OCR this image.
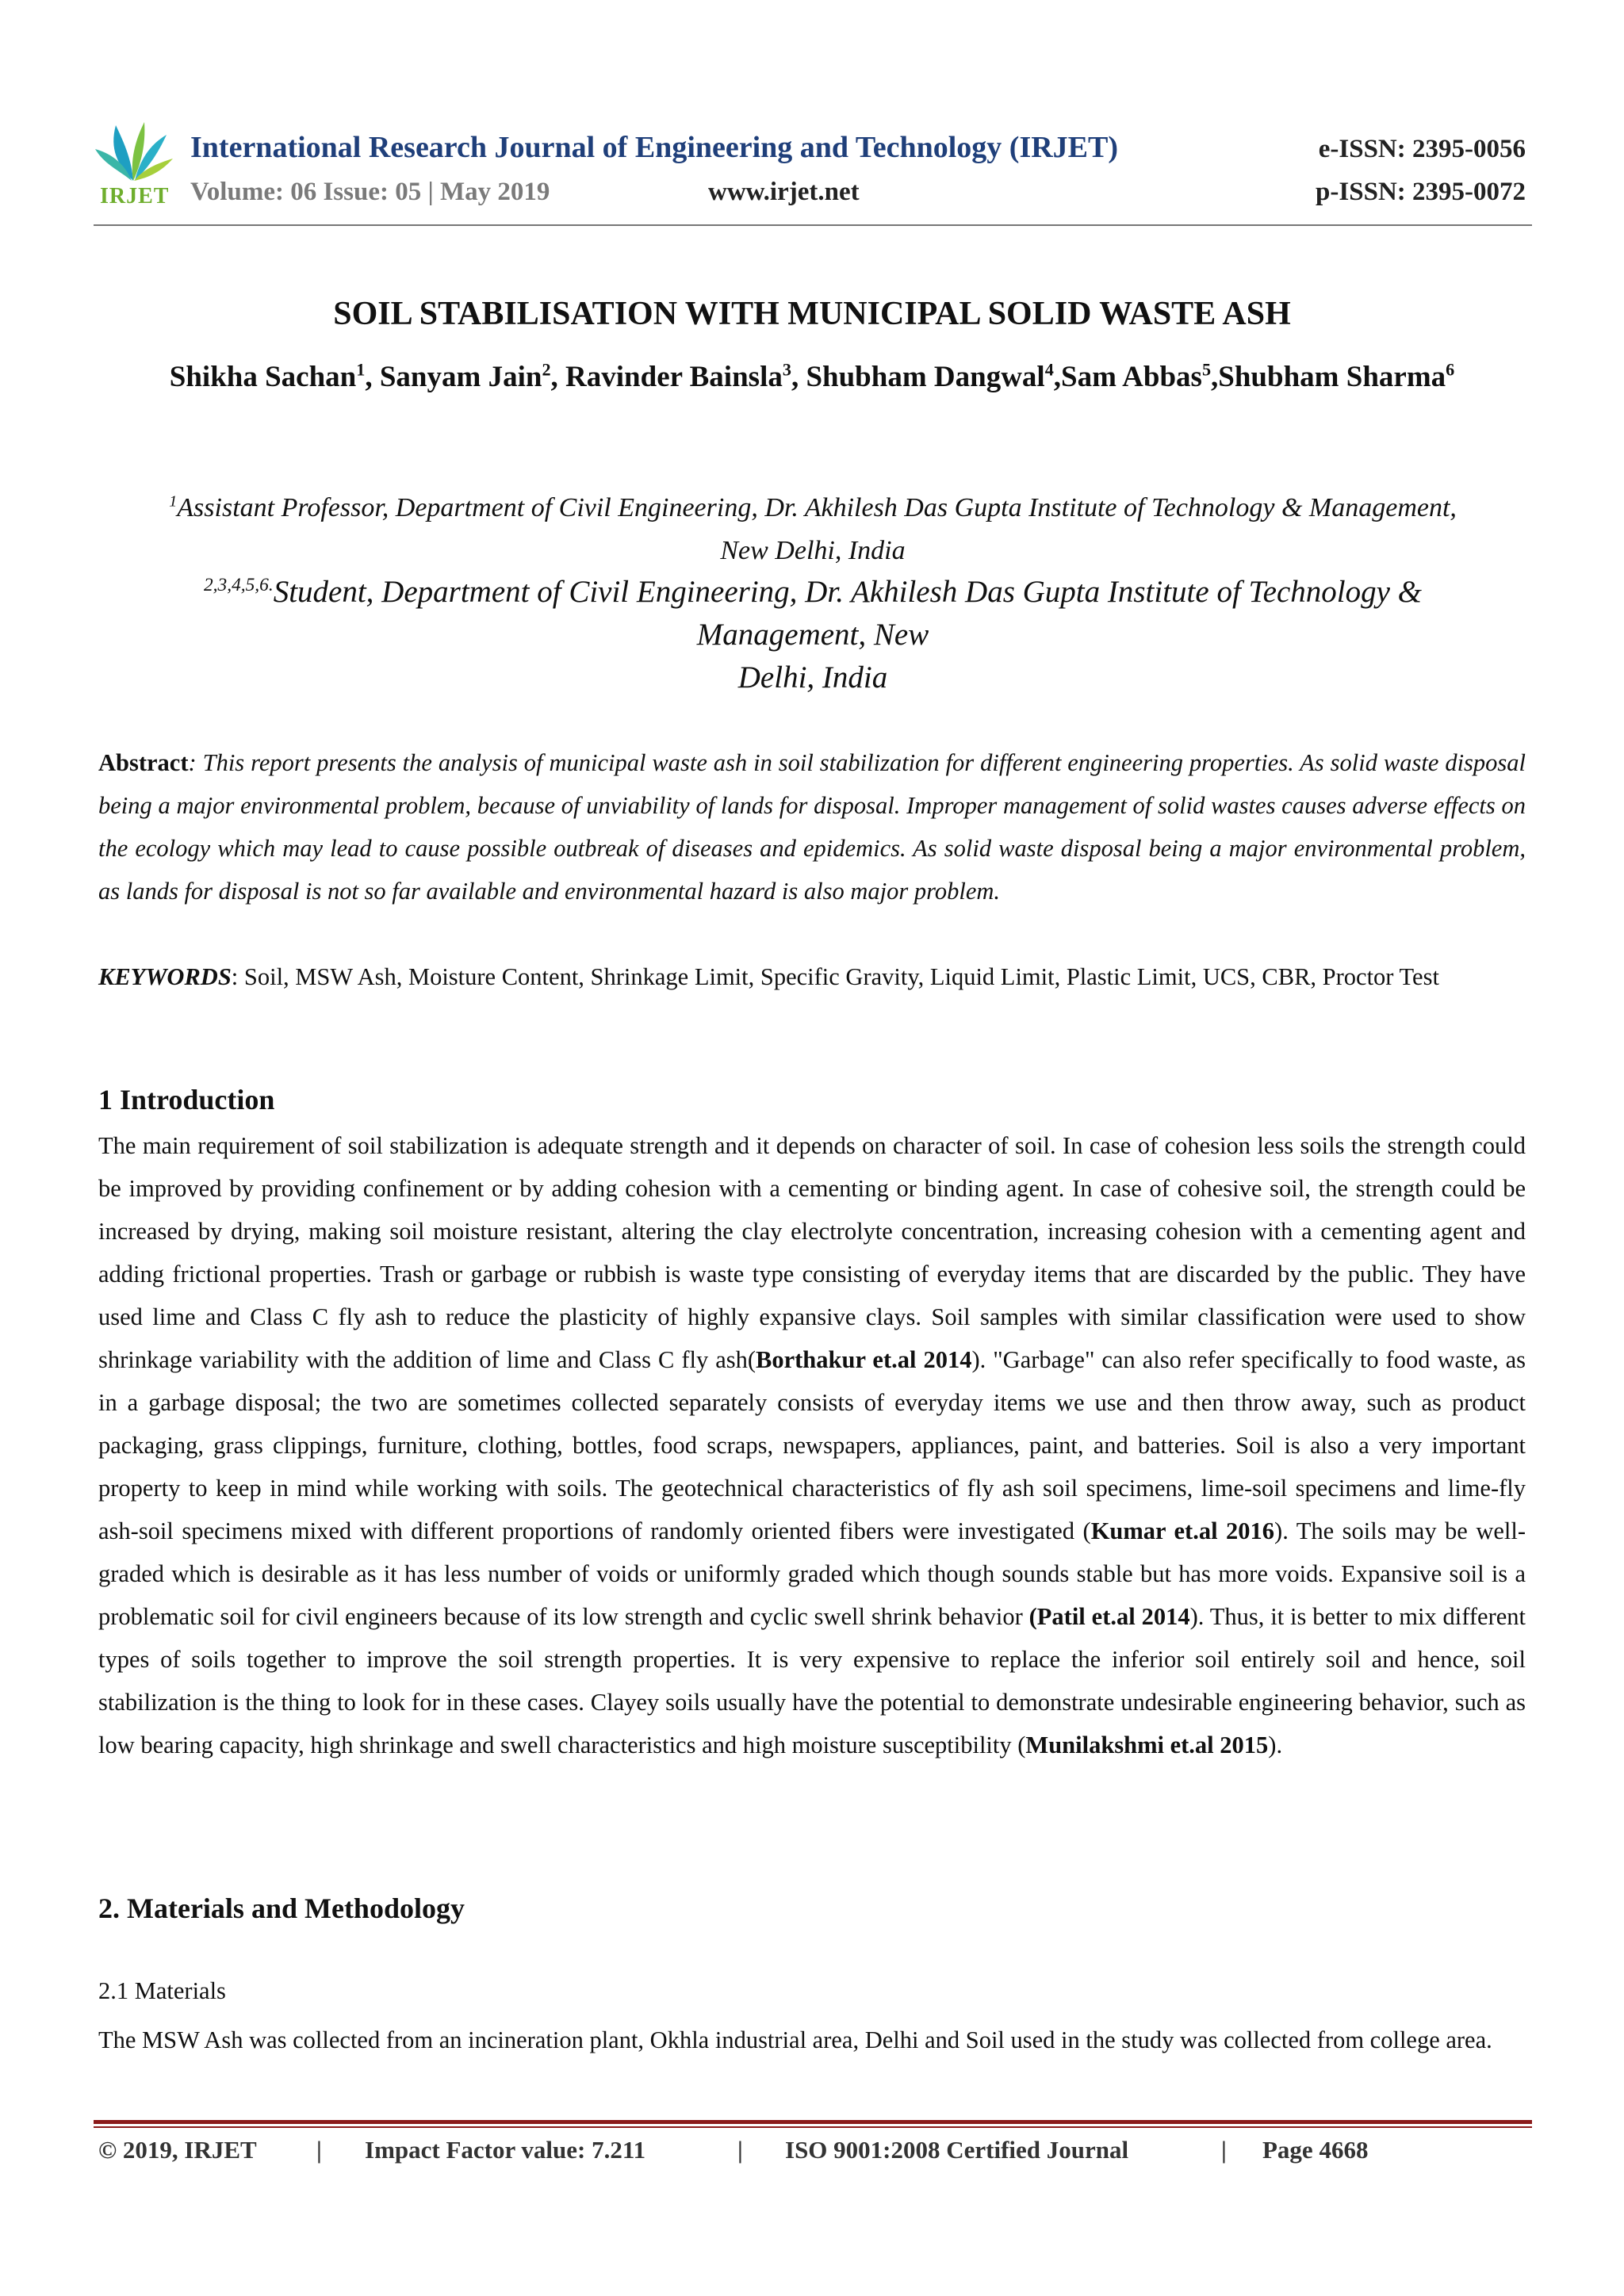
IRJET
International Research Journal of Engineering and Technology (IRJET)
Volume: 06 Issue: 05 | May 2019	www.irjet.net
e-ISSN: 2395-0056
p-ISSN: 2395-0072
SOIL STABILISATION WITH MUNICIPAL SOLID WASTE ASH
Shikha Sachan$^1$, Sanyam Jain$^2$, Ravinder Bainsla$^3$, Shubham Dangwal$^4$,Sam Abbas$^5$,Shubham Sharma$^6$
$^1$Assistant Professor, Department of Civil Engineering, Dr. Akhilesh Das Gupta Institute of Technology & Management, New Delhi, India
$^{2,3,4,5,6.}$Student, Department of Civil Engineering, Dr. Akhilesh Das Gupta Institute of Technology & Management, New
Delhi, India
Abstract: This report presents the analysis of municipal waste ash in soil stabilization for different engineering properties. As solid waste disposal being a major environmental problem, because of unviability of lands for disposal. Improper management of solid wastes causes adverse effects on the ecology which may lead to cause possible outbreak of diseases and epidemics. As solid waste disposal being a major environmental problem, as lands for disposal is not so far available and environmental hazard is also major problem.
KEYWORDS: Soil, MSW Ash, Moisture Content, Shrinkage Limit, Specific Gravity, Liquid Limit, Plastic Limit, UCS, CBR, Proctor Test
1 Introduction
The main requirement of soil stabilization is adequate strength and it depends on character of soil. In case of cohesion less soils the strength could be improved by providing confinement or by adding cohesion with a cementing or binding agent. In case of cohesive soil, the strength could be increased by drying, making soil moisture resistant, altering the clay electrolyte concentration, increasing cohesion with a cementing agent and adding frictional properties. Trash or garbage or rubbish is waste type consisting of everyday items that are discarded by the public. They have used lime and Class C fly ash to reduce the plasticity of highly expansive clays. Soil samples with similar classification were used to show shrinkage variability with the addition of lime and Class C fly ash(Borthakur et.al 2014). "Garbage" can also refer specifically to food waste, as in a garbage disposal; the two are sometimes collected separately consists of everyday items we use and then throw away, such as product packaging, grass clippings, furniture, clothing, bottles, food scraps, newspapers, appliances, paint, and batteries. Soil is also a very important property to keep in mind while working with soils. The geotechnical characteristics of fly ash soil specimens, lime-soil specimens and lime-fly ash-soil specimens mixed with different proportions of randomly oriented fibers were investigated (Kumar et.al 2016). The soils may be well-graded which is desirable as it has less number of voids or uniformly graded which though sounds stable but has more voids. Expansive soil is a problematic soil for civil engineers because of its low strength and cyclic swell shrink behavior (Patil et.al 2014). Thus, it is better to mix different types of soils together to improve the soil strength properties. It is very expensive to replace the inferior soil entirely soil and hence, soil stabilization is the thing to look for in these cases. Clayey soils usually have the potential to demonstrate undesirable engineering behavior, such as low bearing capacity, high shrinkage and swell characteristics and high moisture susceptibility (Munilakshmi et.al 2015).
2. Materials and Methodology
2.1 Materials
The MSW Ash was collected from an incineration plant, Okhla industrial area, Delhi and Soil used in the study was collected from college area.
© 2019, IRJET | Impact Factor value: 7.211	| ISO 9001:2008 Certified Journal	| Page 4668
